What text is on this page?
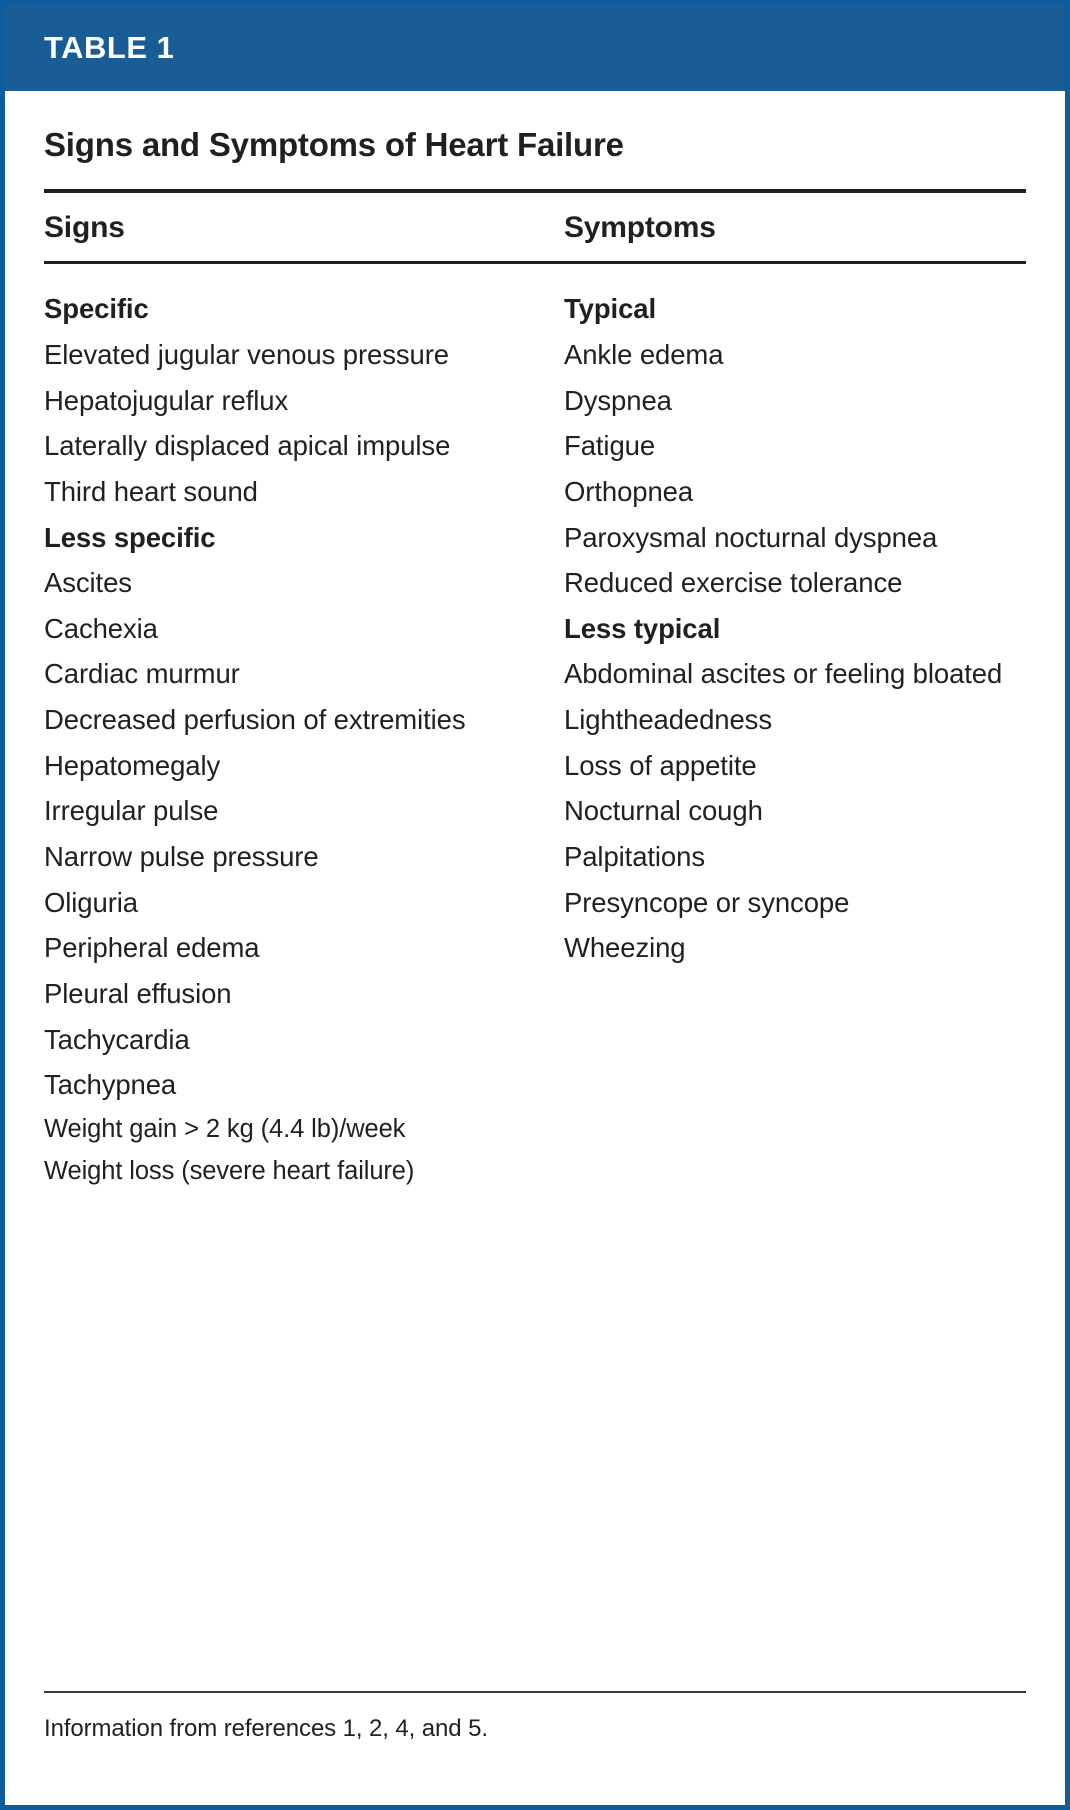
TABLE 1
Signs and Symptoms of Heart Failure
Signs	Symptoms
Specific
Elevated jugular venous pressure
Hepatojugular reflux
Laterally displaced apical impulse
Third heart sound
Less specific
Ascites
Cachexia
Cardiac murmur
Decreased perfusion of extremities
Hepatomegaly
Irregular pulse
Narrow pulse pressure
Oliguria
Peripheral edema
Pleural effusion
Tachycardia
Tachypnea
Weight gain > 2 kg (4.4 lb)/week
Weight loss (severe heart failure)
Typical
Ankle edema
Dyspnea
Fatigue
Orthopnea
Paroxysmal nocturnal dyspnea
Reduced exercise tolerance
Less typical
Abdominal ascites or feeling bloated
Lightheadedness
Loss of appetite
Nocturnal cough
Palpitations
Presyncope or syncope
Wheezing
Information from references 1, 2, 4, and 5.
